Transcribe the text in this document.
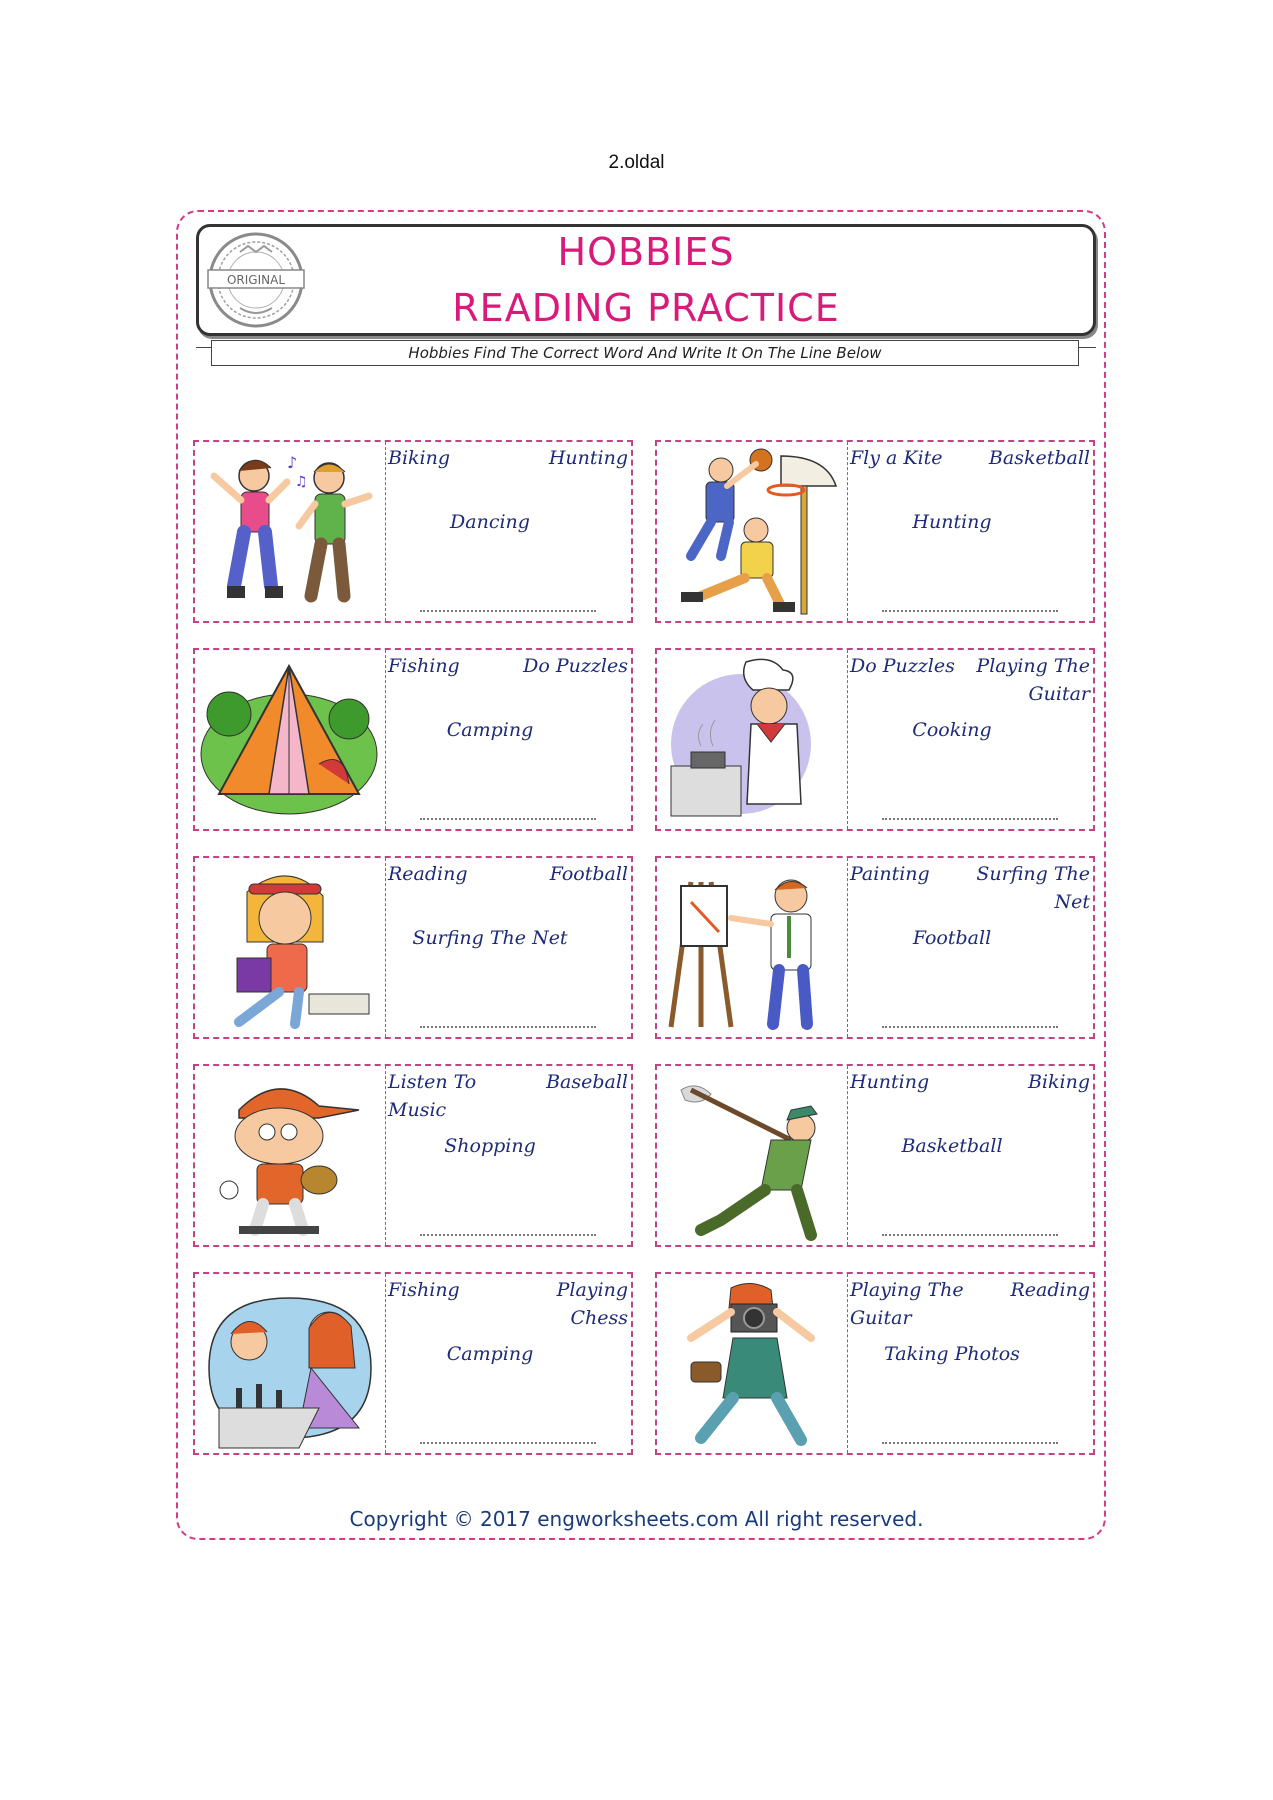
2.oldal
ORIGINAL
HOBBIES
READING PRACTICE
Hobbies Find The Correct Word And Write It On The Line Below
♪
♫
Biking	Hunting
Dancing
Fly a Kite	Basketball
Hunting
Fishing	Do Puzzles
Camping
Do Puzzles	Playing The Guitar
Cooking
Reading	Football
Surfing The Net
Painting	Surfing The Net
Football
Listen To Music
Baseball
Shopping
Hunting	Biking
Basketball
Fishing	Playing Chess
Camping
Playing The Guitar
Reading
Taking Photos
Copyright © 2017 engworksheets.com All right reserved.
